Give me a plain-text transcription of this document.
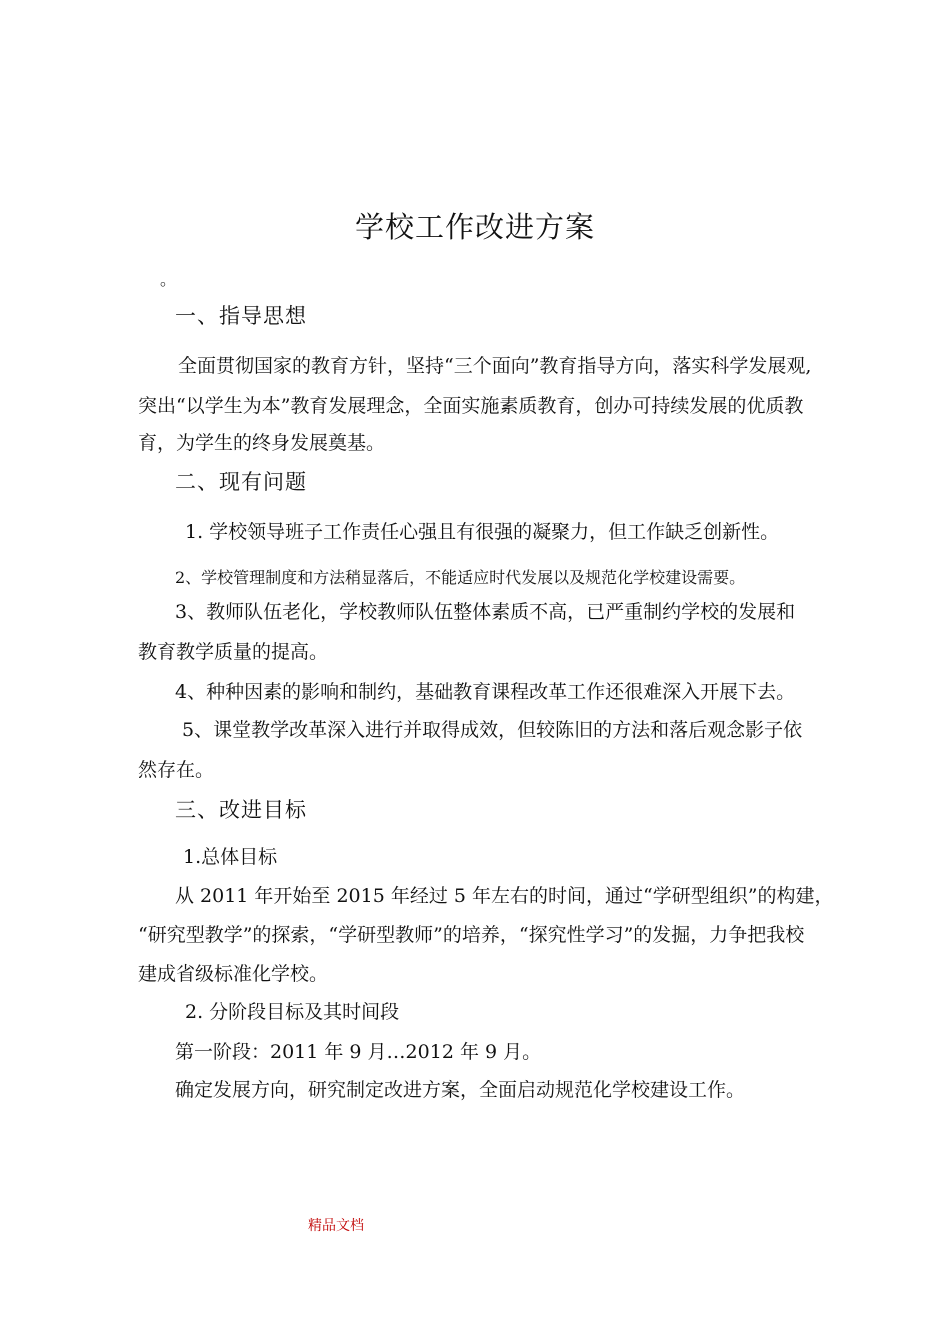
学校工作改进方案
。
一、指导思想
全面贯彻国家的教育方针，坚持“三个面向”教育指导方向，落实科学发展观,
突出“以学生为本”教育发展理念，全面实施素质教育，创办可持续发展的优质教
育，为学生的终身发展奠基。
二、现有问题
1. 学校领导班子工作责任心强且有很强的凝聚力，但工作缺乏创新性。
2、学校管理制度和方法稍显落后，不能适应时代发展以及规范化学校建设需要。
3、教师队伍老化，学校教师队伍整体素质不高，已严重制约学校的发展和
教育教学质量的提高。
4、种种因素的影响和制约，基础教育课程改革工作还很难深入开展下去。
5、课堂教学改革深入进行并取得成效，但较陈旧的方法和落后观念影子依
然存在。
三、改进目标
1.总体目标
从 2011 年开始至 2015 年经过 5 年左右的时间，通过“学研型组织”的构建，
“研究型教学”的探索，“学研型教师”的培养，“探究性学习”的发掘，力争把我校
建成省级标准化学校。
2. 分阶段目标及其时间段
第一阶段：2011 年 9 月…2012 年 9 月。
确定发展方向，研究制定改进方案，全面启动规范化学校建设工作。
精品文档
